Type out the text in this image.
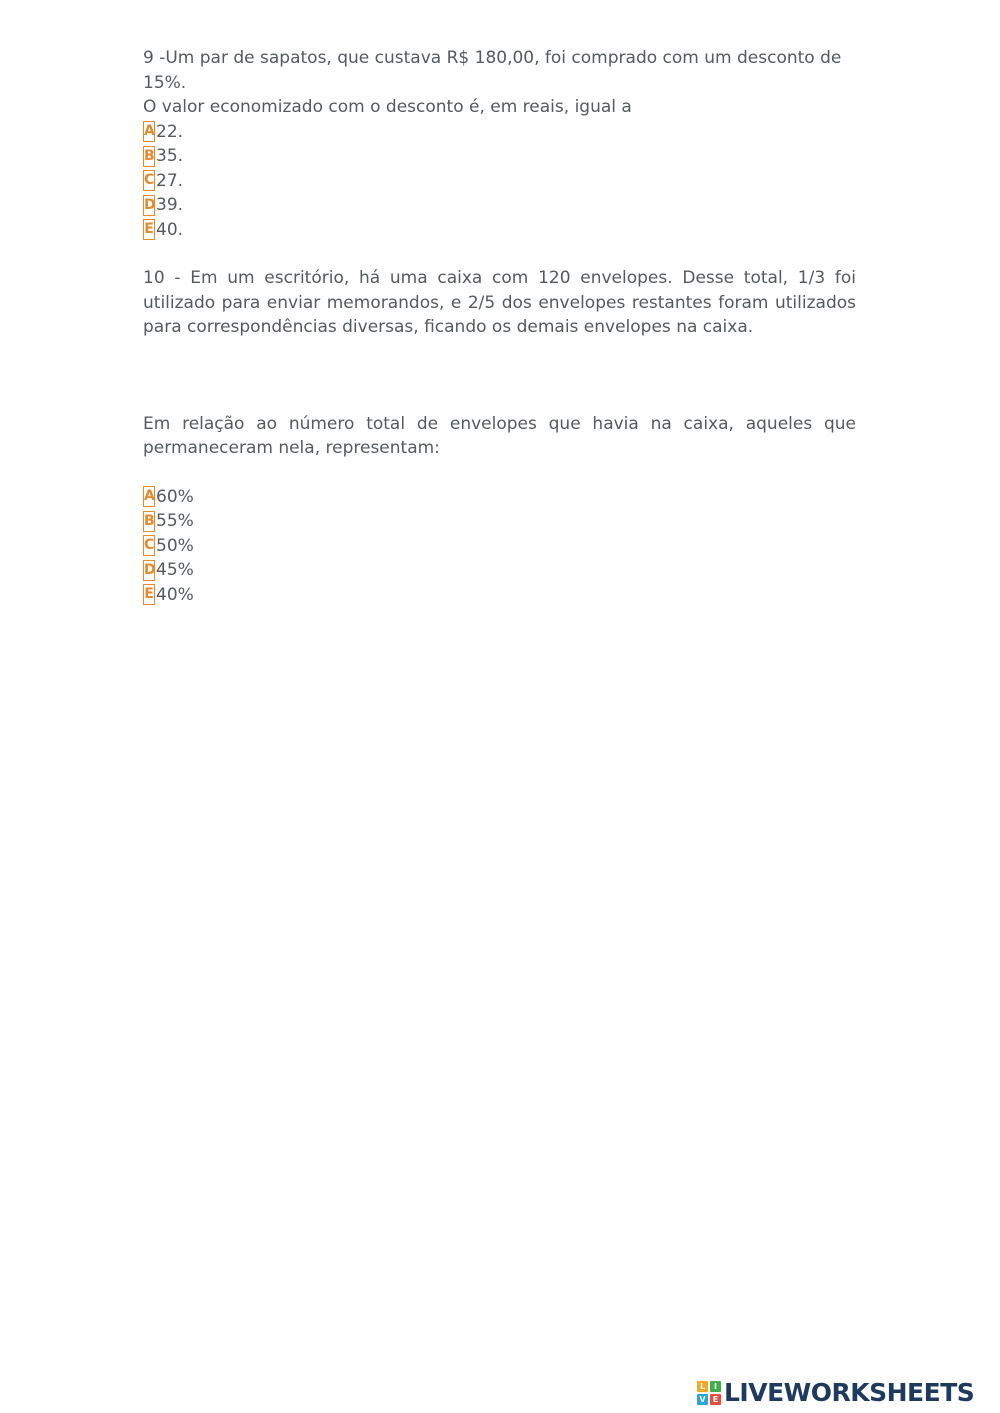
9 -Um par de sapatos, que custava R$ 180,00, foi comprado com um desconto de 15%.

O valor economizado com o desconto é, em reais, igual a

A 22.
B 35.
C 27.
D 39.
E 40.

10 - Em um escritório, há uma caixa com 120 envelopes. Desse total, 1/3 foi utilizado para enviar memorandos, e 2/5 dos envelopes restantes foram utilizados para correspondências diversas, ficando os demais envelopes na caixa.

Em relação ao número total de envelopes que havia na caixa, aqueles que permaneceram nela, representam:

A 60%
B 55%
C 50%
D 45%
E 40%
L	I
V E LIVEWORKSHEETS
